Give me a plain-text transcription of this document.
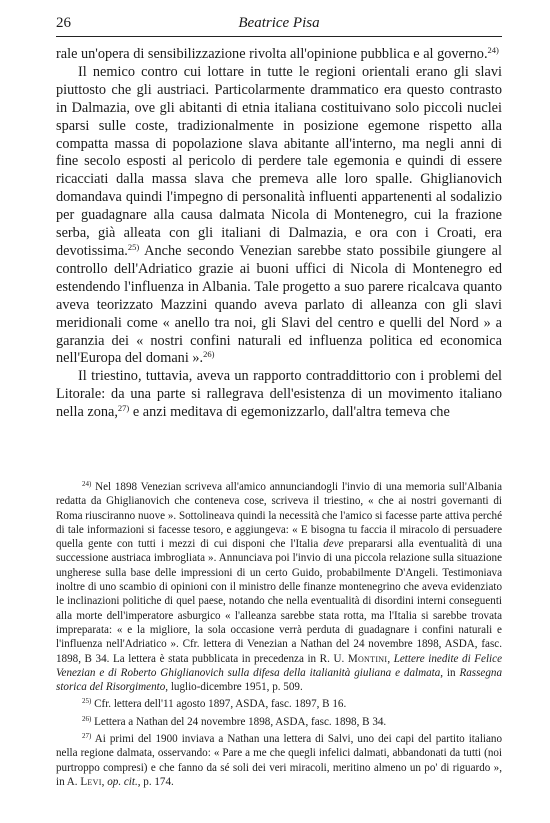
26	Beatrice Pisa

rale un'opera di sensibilizzazione rivolta all'opinione pubblica e al governo.$^{24)}$

Il nemico contro cui lottare in tutte le regioni orientali erano gli slavi piuttosto che gli austriaci. Particolarmente drammatico era questo contrasto in Dalmazia, ove gli abitanti di etnia italiana costituivano solo piccoli nuclei sparsi sulle coste, tradizionalmente in posizione egemone rispetto alla compatta massa di popolazione slava abitante all'interno, ma negli anni di fine secolo esposti al pericolo di perdere tale egemonia e quindi di essere ricacciati dalla massa slava che premeva alle loro spalle. Ghiglianovich domandava quindi l'impegno di personalità influenti appartenenti al sodalizio per guadagnare alla causa dalmata Nicola di Montenegro, cui la frazione serba, già alleata con gli italiani di Dalmazia, e ora con i Croati, era devotissima.$^{25)}$ Anche secondo Venezian sarebbe stato possibile giungere al controllo dell'Adriatico grazie ai buoni uffici di Nicola di Montenegro ed estendendo l'influenza in Albania. Tale progetto a suo parere ricalcava quanto aveva teorizzato Mazzini quando aveva parlato di alleanza con gli slavi meridionali come « anello tra noi, gli Slavi del centro e quelli del Nord » a garanzia dei « nostri confini naturali ed influenza politica ed economica nell'Europa del domani ».$^{26)}$

Il triestino, tuttavia, aveva un rapporto contraddittorio con i problemi del Litorale: da una parte si rallegrava dell'esistenza di un movimento italiano nella zona,$^{27)}$ e anzi meditava di egemonizzarlo, dall'altra temeva che

$^{24)}$ Nel 1898 Venezian scriveva all'amico annunciandogli l'invio di una memoria sull'Albania redatta da Ghiglianovich che conteneva cose, scriveva il triestino, « che ai nostri governanti di Roma riusciranno nuove ». Sottolineava quindi la necessità che l'amico si facesse parte attiva perché di tale informazioni si facesse tesoro, e aggiungeva: « E bisogna tu faccia il miracolo di persuadere quella gente con tutti i mezzi di cui disponi che l'Italia deve prepararsi alla eventualità di una successione austriaca imbrogliata ». Annunciava poi l'invio di una piccola relazione sulla situazione ungherese sulla base delle impressioni di un certo Guido, probabilmente D'Angeli. Testimoniava inoltre di uno scambio di opinioni con il ministro delle finanze montenegrino che aveva evidenziato le inclinazioni politiche di quel paese, notando che nella eventualità di disordini interni conseguenti alla morte dell'imperatore asburgico « l'alleanza sarebbe stata rotta, ma l'Italia si sarebbe trovata impreparata: « e la migliore, la sola occasione verrà perduta di guadagnare i confini naturali e l'influenza nell'Adriatico ». Cfr. lettera di Venezian a Nathan del 24 novembre 1898, ASDA, fasc. 1898, B 34. La lettera è stata pubblicata in precedenza in R. U. Montini, Lettere inedite di Felice Venezian e di Roberto Ghiglianovich sulla difesa della italianità giuliana e dalmata, in Rassegna storica del Risorgimento, luglio-dicembre 1951, p. 509.

$^{25)}$ Cfr. lettera dell'11 agosto 1897, ASDA, fasc. 1897, B 16.

$^{26)}$ Lettera a Nathan del 24 novembre 1898, ASDA, fasc. 1898, B 34.

$^{27)}$ Ai primi del 1900 inviava a Nathan una lettera di Salvi, uno dei capi del partito italiano nella regione dalmata, osservando: « Pare a me che quegli infelici dalmati, abbandonati da tutti (noi purtroppo compresi) e che fanno da sé soli dei veri miracoli, meritino almeno un po' di riguardo », in A. Levi, op. cit., p. 174.
